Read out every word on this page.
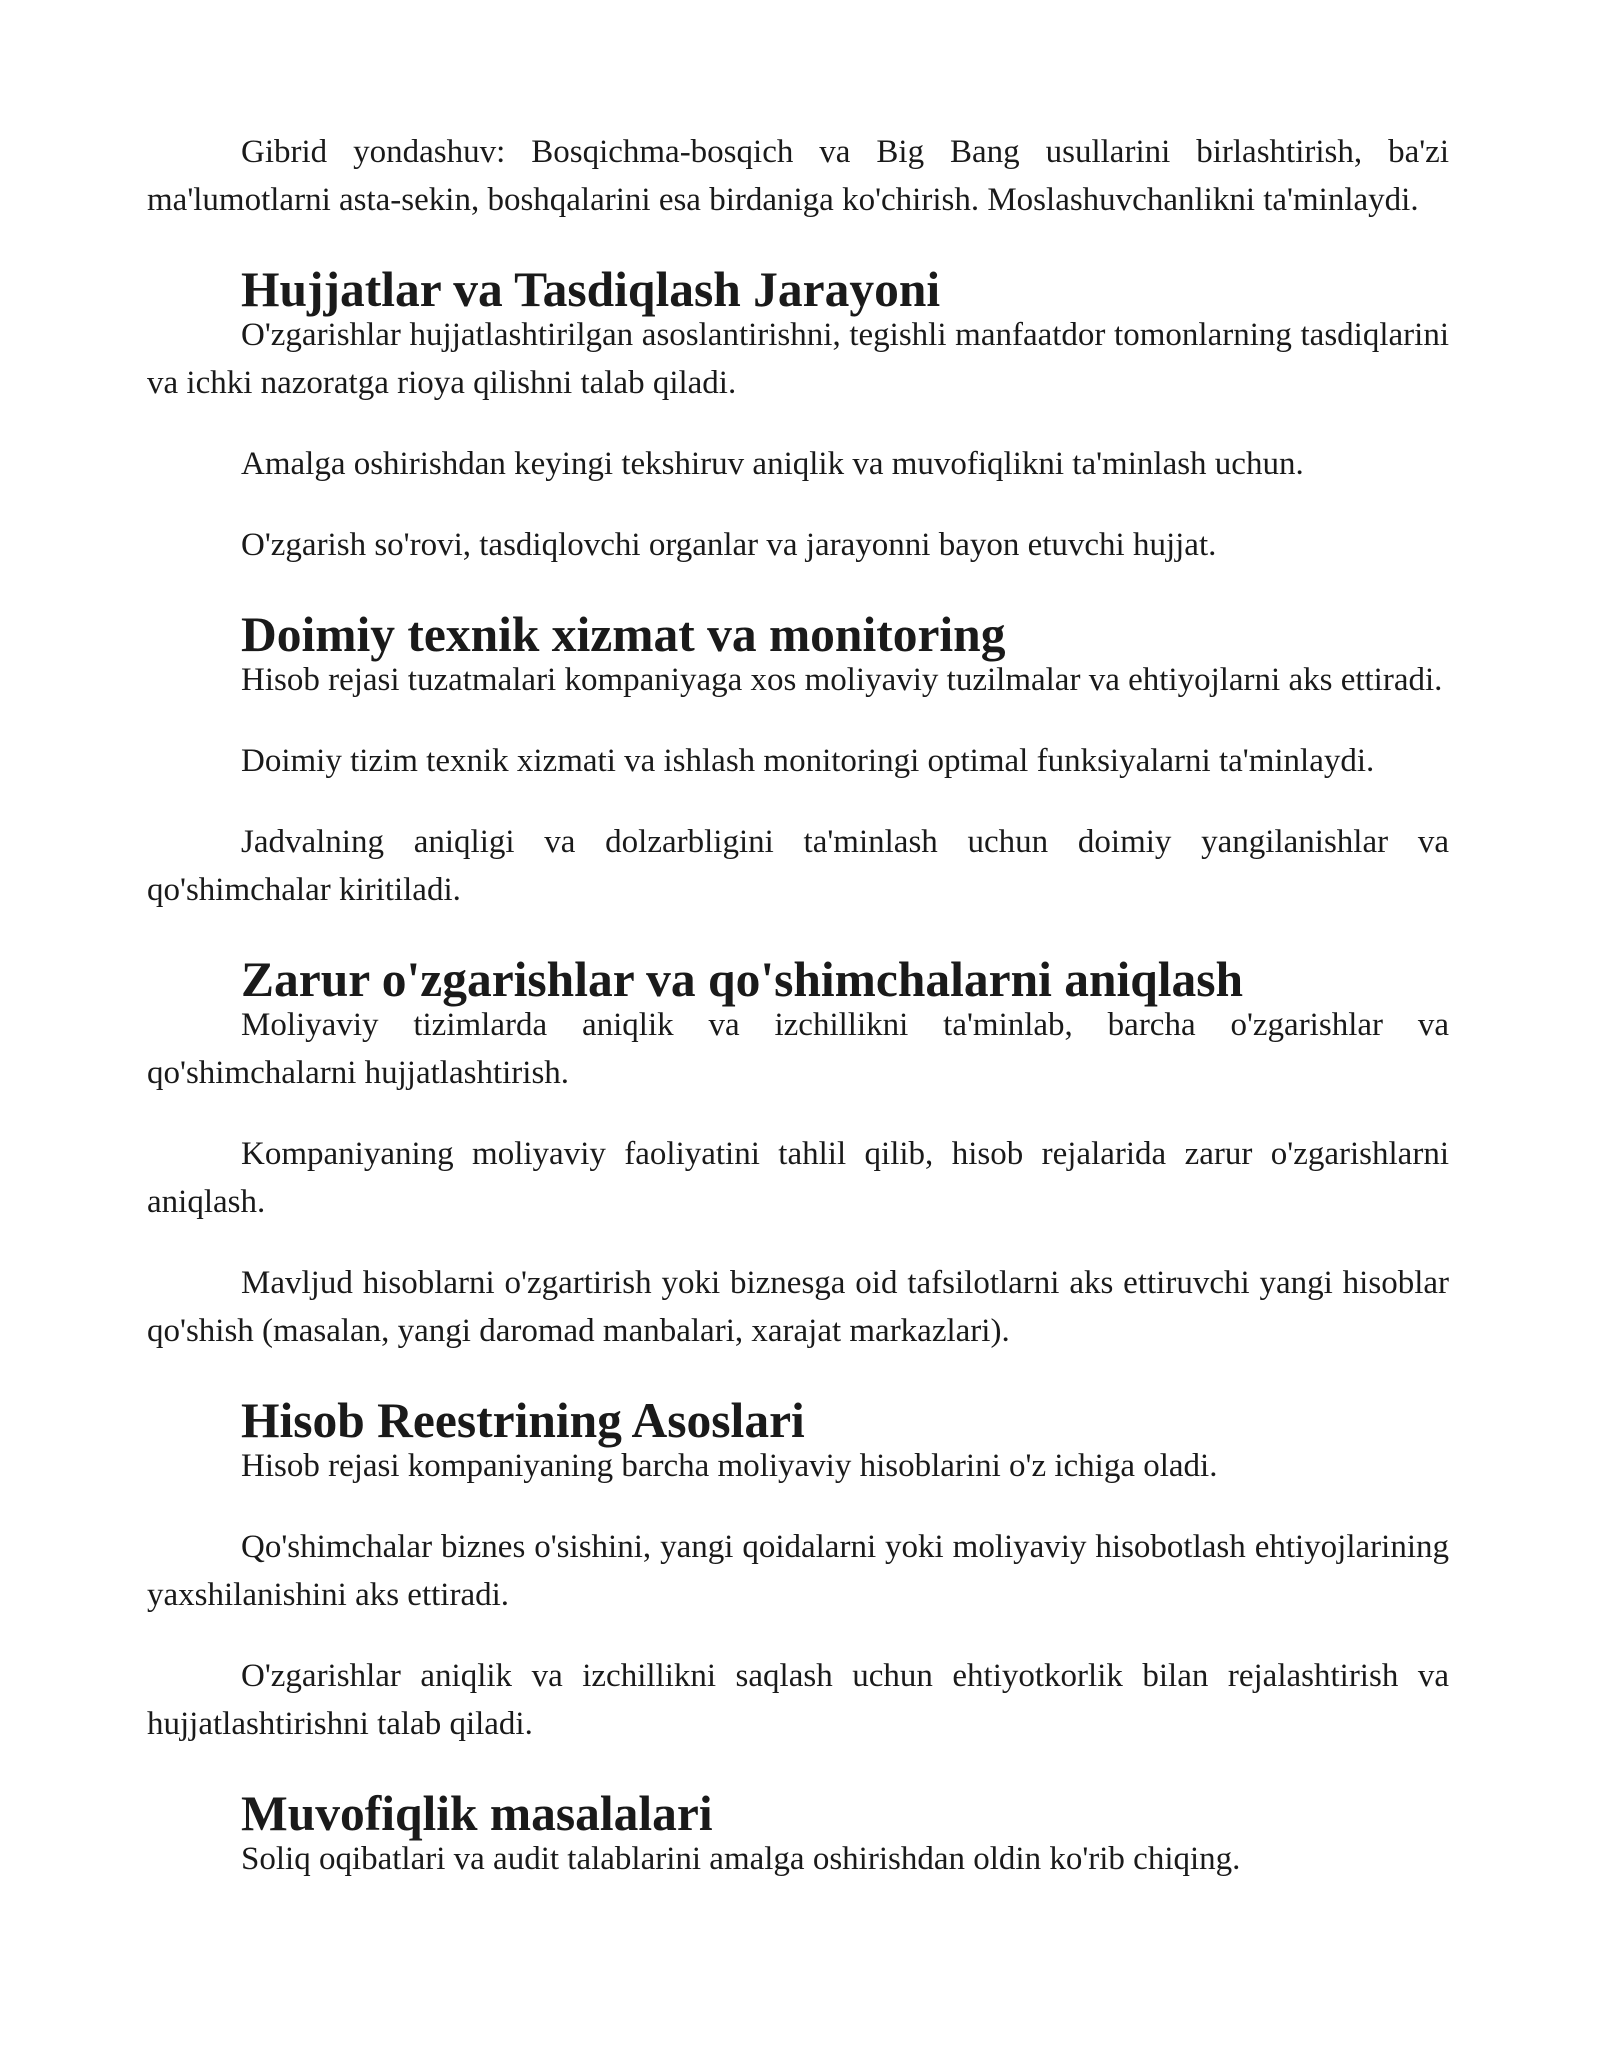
Gibrid yondashuv: Bosqichma-bosqich va Big Bang usullarini birlashtirish, ba'zi ma'lumotlarni asta-sekin, boshqalarini esa birdaniga ko'chirish. Moslashuvchanlikni ta'minlaydi.

Hujjatlar va Tasdiqlash Jarayoni

O'zgarishlar hujjatlashtirilgan asoslantirishni, tegishli manfaatdor tomonlarning tasdiqlarini va ichki nazoratga rioya qilishni talab qiladi.

Amalga oshirishdan keyingi tekshiruv aniqlik va muvofiqlikni ta'minlash uchun.

O'zgarish so'rovi, tasdiqlovchi organlar va jarayonni bayon etuvchi hujjat.

Doimiy texnik xizmat va monitoring

Hisob rejasi tuzatmalari kompaniyaga xos moliyaviy tuzilmalar va ehtiyojlarni aks ettiradi.

Doimiy tizim texnik xizmati va ishlash monitoringi optimal funksiyalarni ta'minlaydi.

Jadvalning aniqligi va dolzarbligini ta'minlash uchun doimiy yangilanishlar va qo'shimchalar kiritiladi.

Zarur o'zgarishlar va qo'shimchalarni aniqlash

Moliyaviy tizimlarda aniqlik va izchillikni ta'minlab, barcha o'zgarishlar va qo'shimchalarni hujjatlashtirish.

Kompaniyaning moliyaviy faoliyatini tahlil qilib, hisob rejalarida zarur o'zgarishlarni aniqlash.

Mavljud hisoblarni o'zgartirish yoki biznesga oid tafsilotlarni aks ettiruvchi yangi hisoblar qo'shish (masalan, yangi daromad manbalari, xarajat markazlari).

Hisob Reestrining Asoslari

Hisob rejasi kompaniyaning barcha moliyaviy hisoblarini o'z ichiga oladi.

Qo'shimchalar biznes o'sishini, yangi qoidalarni yoki moliyaviy hisobotlash ehtiyojlarining yaxshilanishini aks ettiradi.

O'zgarishlar aniqlik va izchillikni saqlash uchun ehtiyotkorlik bilan rejalashtirish va hujjatlashtirishni talab qiladi.

Muvofiqlik masalalari

Soliq oqibatlari va audit talablarini amalga oshirishdan oldin ko'rib chiqing.
